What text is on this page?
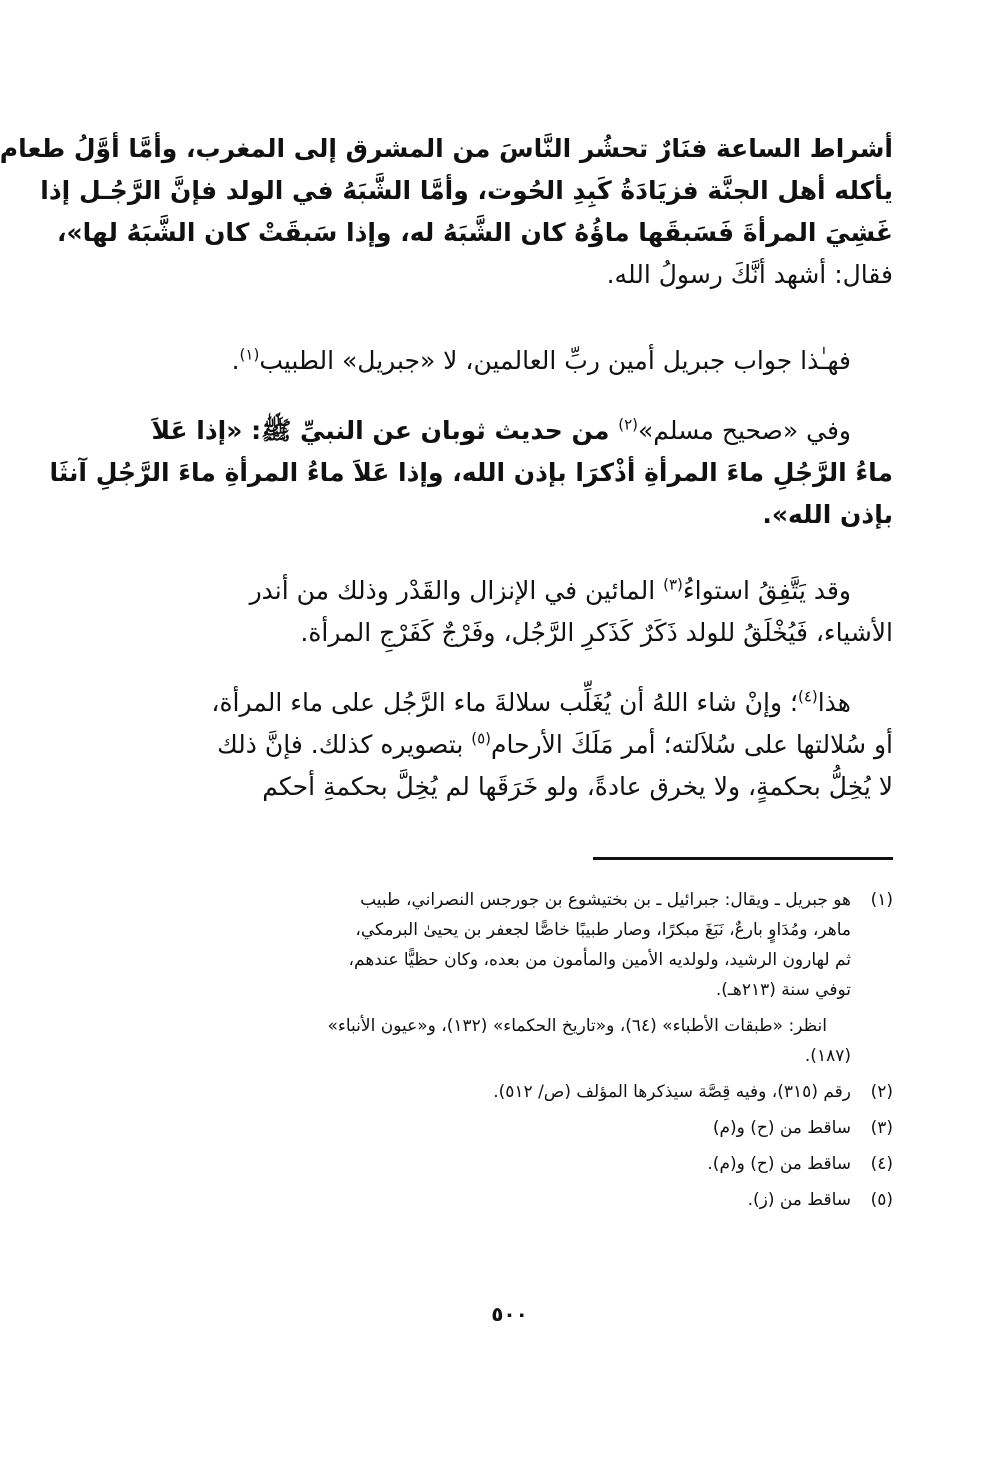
أشراط الساعة فنَارٌ تحشُر النَّاسَ من المشرق إلى المغرب، وأمَّا أوَّلُ طعام
يأكله أهل الجنَّة فزيَادَةُ كَبِدِ الحُوت، وأمَّا الشَّبَهُ في الولد فإنَّ الرَّجُـل إذا
غَشِيَ المرأةَ فَسَبقَها ماؤُهُ كان الشَّبَهُ له، وإذا سَبقَتْ كان الشَّبَهُ لها»،
فقال: أشهد أنَّكَ رسولُ الله.
فهـٰذا جواب جبريل أمين ربِّ العالمين، لا «جبريل» الطبيب$^{(١)}$.
وفي «صحيح مسلم»$^{(٢)}$ من حديث ثوبان عن النبيِّ ﷺ: «إذا عَلاَ
ماءُ الرَّجُلِ ماءَ المرأةِ أذْكرَا بإذن الله، وإذا عَلاَ ماءُ المرأةِ ماءَ الرَّجُلِ آنثَا
بإذن الله».
وقد يَتَّفِقُ استواءُ$^{(٣)}$ المائين في الإنزال والقَدْر وذلك من أندر
الأشياء، فَيُخْلَقُ للولد ذَكَرٌ كَذَكرِ الرَّجُل، وفَرْجٌ كَفَرْجِ المرأة.
هذا$^{(٤)}$؛ وإنْ شاء اللهُ أن يُغَلِّب سلالةَ ماء الرَّجُل على ماء المرأة،
أو سُلالتها على سُلاَلته؛ أمر مَلَكَ الأرحام$^{(٥)}$ بتصويره كذلك. فإنَّ ذلك
لا يُخِلُّ بحكمةٍ، ولا يخرق عادةً، ولو خَرَقَها لم يُخِلَّ بحكمةِ أحكم
(١)
هو جبريل ـ ويقال: جبرائيل ـ بن بختيشوع بن جورجس النصراني، طبيب
ماهر، ومُدَاوٍ بارعٌ، نَبَغَ مبكرًا، وصار طبيبًا خاصًّا لجعفر بن يحيىٰ البرمكي،
ثم لهارون الرشيد، ولولديه الأمين والمأمون من بعده، وكان حظيًّا عندهم،
توفي سنة (٢١٣هـ).
انظر: «طبقات الأطباء» (٦٤)، و«تاريخ الحكماء» (١٣٢)، و«عيون الأنباء»
(١٨٧).
(٢)
رقم (٣١٥)، وفيه قِصَّة سيذكرها المؤلف (ص/ ٥١٢).
(٣)
ساقط من (ح) و(م)
(٤)
ساقط من (ح) و(م).
(٥)
ساقط من (ز).
٥٠٠
